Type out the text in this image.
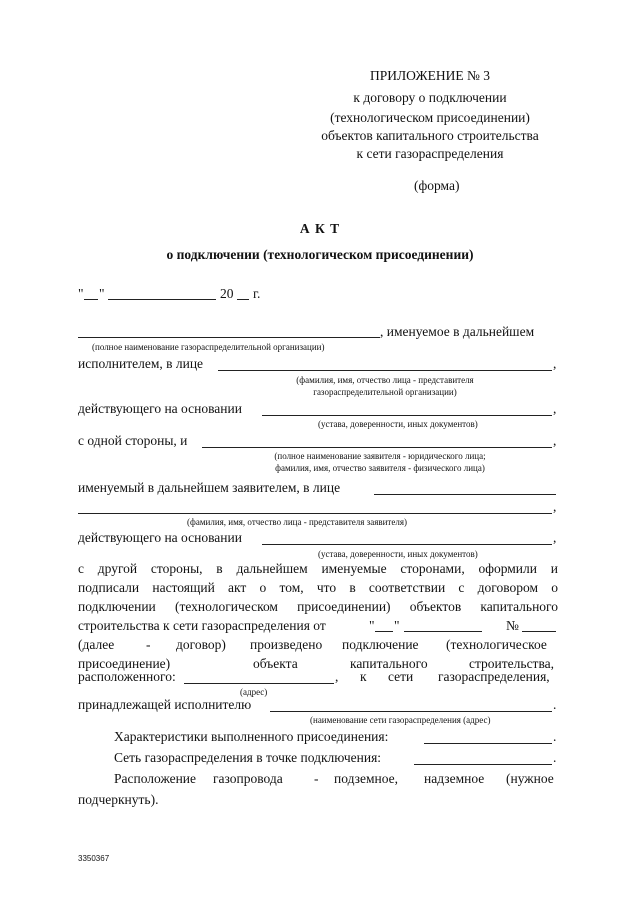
ПРИЛОЖЕНИЕ № 3
к договору о подключении
(технологическом присоединении)
объектов капитального строительства
к сети газораспределения
(форма)
А К Т
о подключении (технологическом присоединении)
" "	20 г.
, именуемое в дальнейшем
(полное наименование газораспределительной организации)
исполнителем, в лице	,
(фамилия, имя, отчество лица - представителя
газораспределительной организации)
действующего на основании	,
(устава, доверенности, иных документов)
с одной стороны, и	,
(полное наименование заявителя - юридического лица;
фамилия, имя, отчество заявителя - физического лица)
именуемый в дальнейшем заявителем, в лице
,
(фамилия, имя, отчество лица - представителя заявителя)
действующего на основании	,
(устава, доверенности, иных документов)
с другой стороны, в дальнейшем именуемые сторонами, оформили и
подписали настоящий акт о том, что в соответствии с договором о
подключении (технологическом присоединении) объектов капитального
строительства к сети газораспределения от	" "	№
(далее - договор) произведено подключение (технологическое
присоединение)	объекта	капитального	строительства,
расположенного:	, к сети газораспределения,
(адрес)
принадлежащей исполнителю	.
(наименование сети газораспределения (адрес)
Характеристики выполненного присоединения:	.
Сеть газораспределения в точке подключения:	.
Расположение газопровода - подземное, надземное (нужное
подчеркнуть).
3350367
